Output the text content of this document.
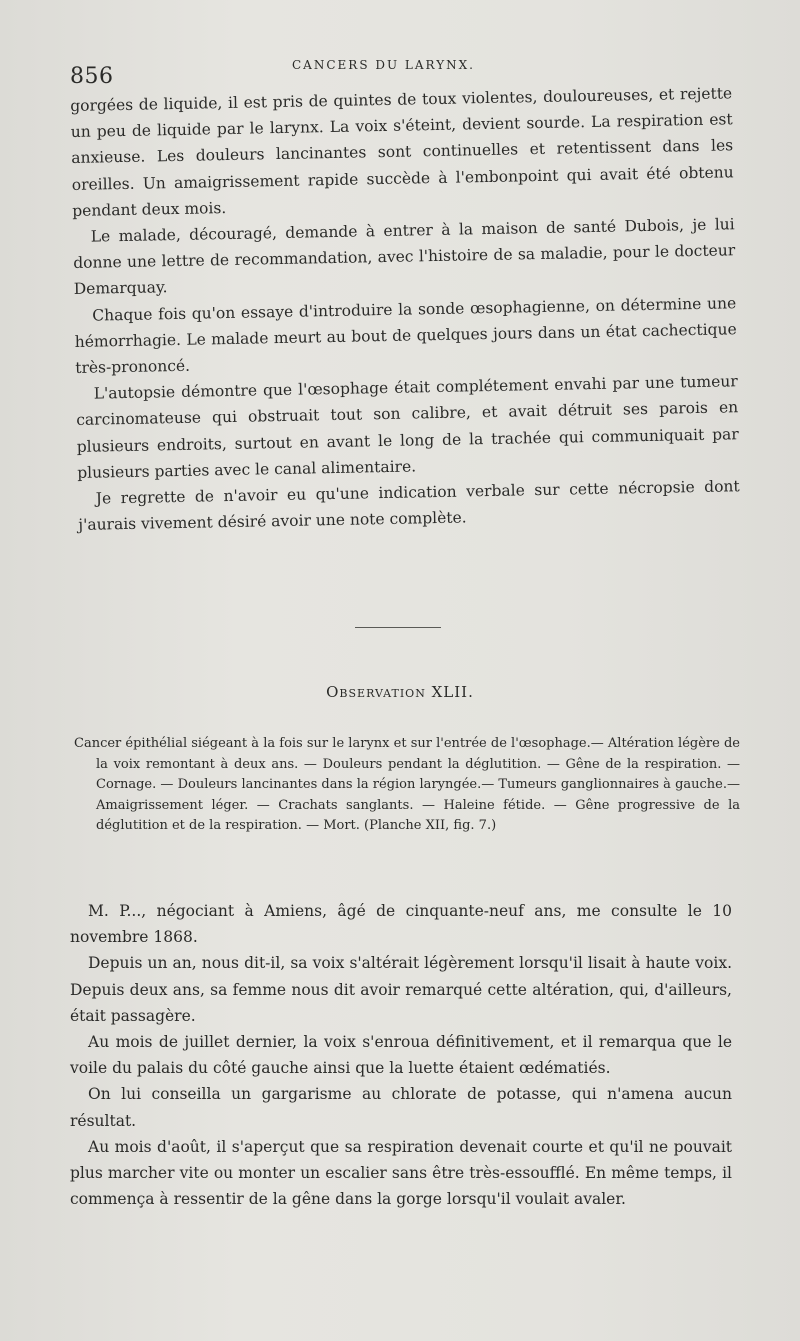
856	CANCERS DU LARYNX.

gorgées de liquide, il est pris de quintes de toux violentes, douloureuses, et rejette un peu de liquide par le larynx. La voix s'éteint, devient sourde. La respiration est anxieuse. Les douleurs lancinantes sont continuelles et retentissent dans les oreilles. Un amaigrissement rapide succède à l'embonpoint qui avait été obtenu pendant deux mois.

Le malade, découragé, demande à entrer à la maison de santé Dubois, je lui donne une lettre de recommandation, avec l'histoire de sa maladie, pour le docteur Demarquay.

Chaque fois qu'on essaye d'introduire la sonde œsophagienne, on détermine une hémorrhagie. Le malade meurt au bout de quelques jours dans un état cachectique très-prononcé.

L'autopsie démontre que l'œsophage était complétement envahi par une tumeur carcinomateuse qui obstruait tout son calibre, et avait détruit ses parois en plusieurs endroits, surtout en avant le long de la trachée qui communiquait par plusieurs parties avec le canal alimentaire.

Je regrette de n'avoir eu qu'une indication verbale sur cette nécropsie dont j'aurais vivement désiré avoir une note complète.

Observation XLII.

Cancer épithélial siégeant à la fois sur le larynx et sur l'entrée de l'œsophage.— Altération légère de la voix remontant à deux ans. — Douleurs pendant la déglutition. — Gêne de la respiration. — Cornage. — Douleurs lancinantes dans la région laryngée.— Tumeurs ganglionnaires à gauche.— Amaigrissement léger. — Crachats sanglants. — Haleine fétide. — Gêne progressive de la déglutition et de la respiration. — Mort. (Planche XII, fig. 7.)

M. P..., négociant à Amiens, âgé de cinquante-neuf ans, me consulte le 10 novembre 1868.

Depuis un an, nous dit-il, sa voix s'altérait légèrement lorsqu'il lisait à haute voix. Depuis deux ans, sa femme nous dit avoir remarqué cette altération, qui, d'ailleurs, était passagère.

Au mois de juillet dernier, la voix s'enroua définitivement, et il remarqua que le voile du palais du côté gauche ainsi que la luette étaient œdématiés.

On lui conseilla un gargarisme au chlorate de potasse, qui n'amena aucun résultat.

Au mois d'août, il s'aperçut que sa respiration devenait courte et qu'il ne pouvait plus marcher vite ou monter un escalier sans être très-essoufflé. En même temps, il commença à ressentir de la gêne dans la gorge lorsqu'il voulait avaler.
